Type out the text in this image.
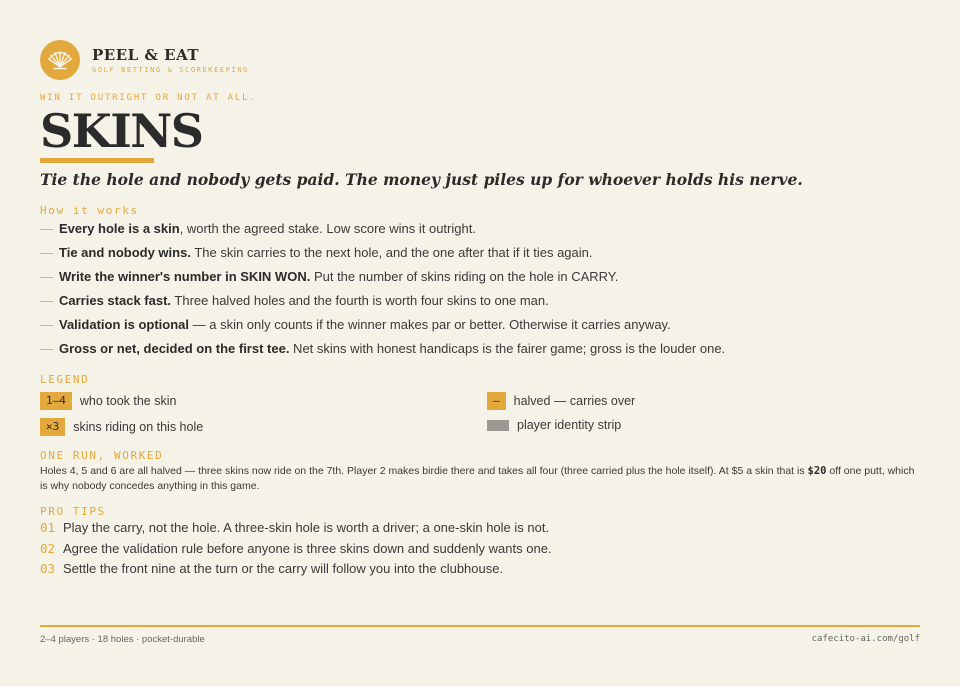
PEEL & EAT
GOLF BETTING & SCOREKEEPING
WIN IT OUTRIGHT OR NOT AT ALL.
SKINS
Tie the hole and nobody gets paid. The money just piles up for whoever holds his nerve.
How it works
— Every hole is a skin, worth the agreed stake. Low score wins it outright.
— Tie and nobody wins. The skin carries to the next hole, and the one after that if it ties again.
— Write the winner's number in SKIN WON. Put the number of skins riding on the hole in CARRY.
— Carries stack fast. Three halved holes and the fourth is worth four skins to one man.
— Validation is optional — a skin only counts if the winner makes par or better. Otherwise it carries anyway.
— Gross or net, decided on the first tee. Net skins with honest handicaps is the fairer game; gross is the louder one.
LEGEND
1–4	who took the skin	—	halved — carries over
×3	skins riding on this hole	player identity strip
ONE RUN, WORKED

Holes 4, 5 and 6 are all halved — three skins now ride on the 7th. Player 2 makes birdie there and takes all four (three carried plus the hole itself). At $5 a skin that is $20 off one putt, which is why nobody concedes anything in this game.

PRO TIPS
01 Play the carry, not the hole. A three-skin hole is worth a driver; a one-skin hole is not.
02 Agree the validation rule before anyone is three skins down and suddenly wants one.
03 Settle the front nine at the turn or the carry will follow you into the clubhouse.
2–4 players · 18 holes · pocket-durable	cafecito-ai.com/golf
